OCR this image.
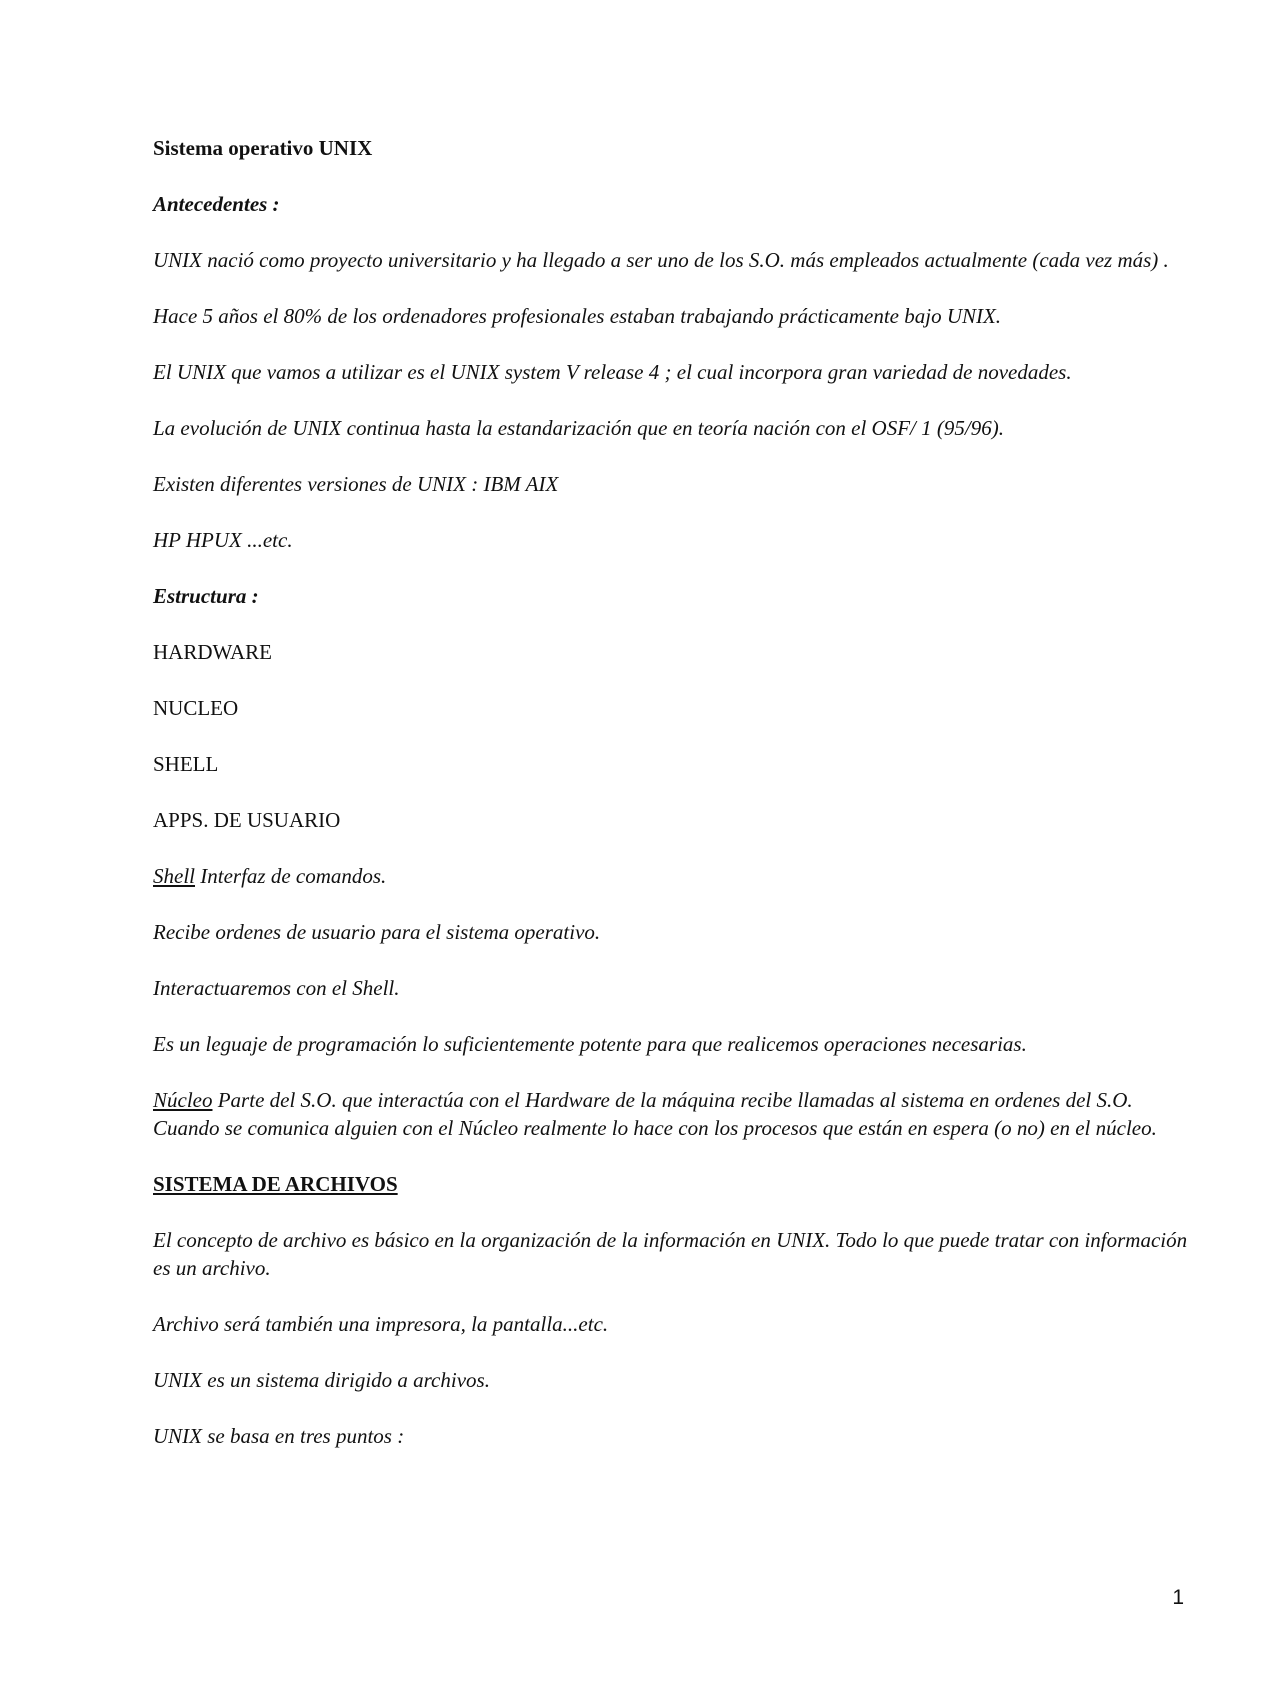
Sistema operativo UNIX

Antecedentes :

UNIX nació como proyecto universitario y ha llegado a ser uno de los S.O. más empleados actualmente (cada vez más) .

Hace 5 años el 80% de los ordenadores profesionales estaban trabajando prácticamente bajo UNIX.

El UNIX que vamos a utilizar es el UNIX system V release 4 ; el cual incorpora gran variedad de novedades.

La evolución de UNIX continua hasta la estandarización que en teoría nación con el OSF/ 1 (95/96).

Existen diferentes versiones de UNIX : IBM AIX

HP HPUX ...etc.

Estructura :

HARDWARE

NUCLEO

SHELL

APPS. DE USUARIO

Shell Interfaz de comandos.

Recibe ordenes de usuario para el sistema operativo.

Interactuaremos con el Shell.

Es un leguaje de programación lo suficientemente potente para que realicemos operaciones necesarias.

Núcleo Parte del S.O. que interactúa con el Hardware de la máquina recibe llamadas al sistema en ordenes del S.O. Cuando se comunica alguien con el Núcleo realmente lo hace con los procesos que están en espera (o no) en el núcleo.

SISTEMA DE ARCHIVOS

El concepto de archivo es básico en la organización de la información en UNIX. Todo lo que puede tratar con información es un archivo.

Archivo será también una impresora, la pantalla...etc.

UNIX es un sistema dirigido a archivos.

UNIX se basa en tres puntos :

1
